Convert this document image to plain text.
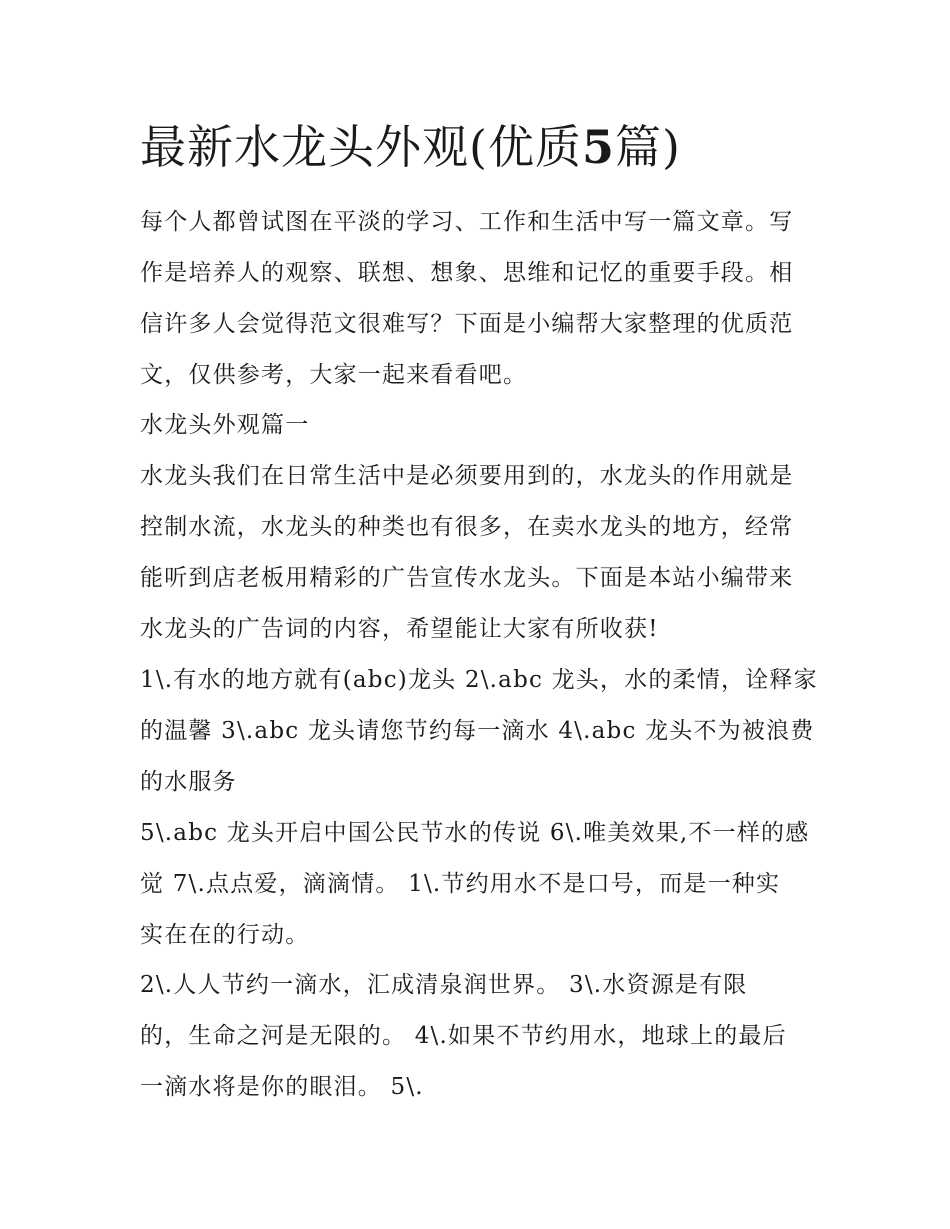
最新水龙头外观(优质5篇)

每个人都曾试图在平淡的学习、工作和生活中写一篇文章。写

作是培养人的观察、联想、想象、思维和记忆的重要手段。相

信许多人会觉得范文很难写？下面是小编帮大家整理的优质范

文，仅供参考，大家一起来看看吧。

水龙头外观篇一

水龙头我们在日常生活中是必须要用到的，水龙头的作用就是

控制水流，水龙头的种类也有很多，在卖水龙头的地方，经常

能听到店老板用精彩的广告宣传水龙头。下面是本站小编带来

水龙头的广告词的内容，希望能让大家有所收获!

1\.有水的地方就有(abc)龙头 2\.abc 龙头，水的柔情，诠释家

的温馨 3\.abc 龙头请您节约每一滴水 4\.abc 龙头不为被浪费

的水服务

5\.abc 龙头开启中国公民节水的传说 6\.唯美效果,不一样的感

觉 7\.点点爱，滴滴情。 1\.节约用水不是口号，而是一种实

实在在的行动。

2\.人人节约一滴水，汇成清泉润世界。 3\.水资源是有限

的，生命之河是无限的。 4\.如果不节约用水，地球上的最后

一滴水将是你的眼泪。 5\.
